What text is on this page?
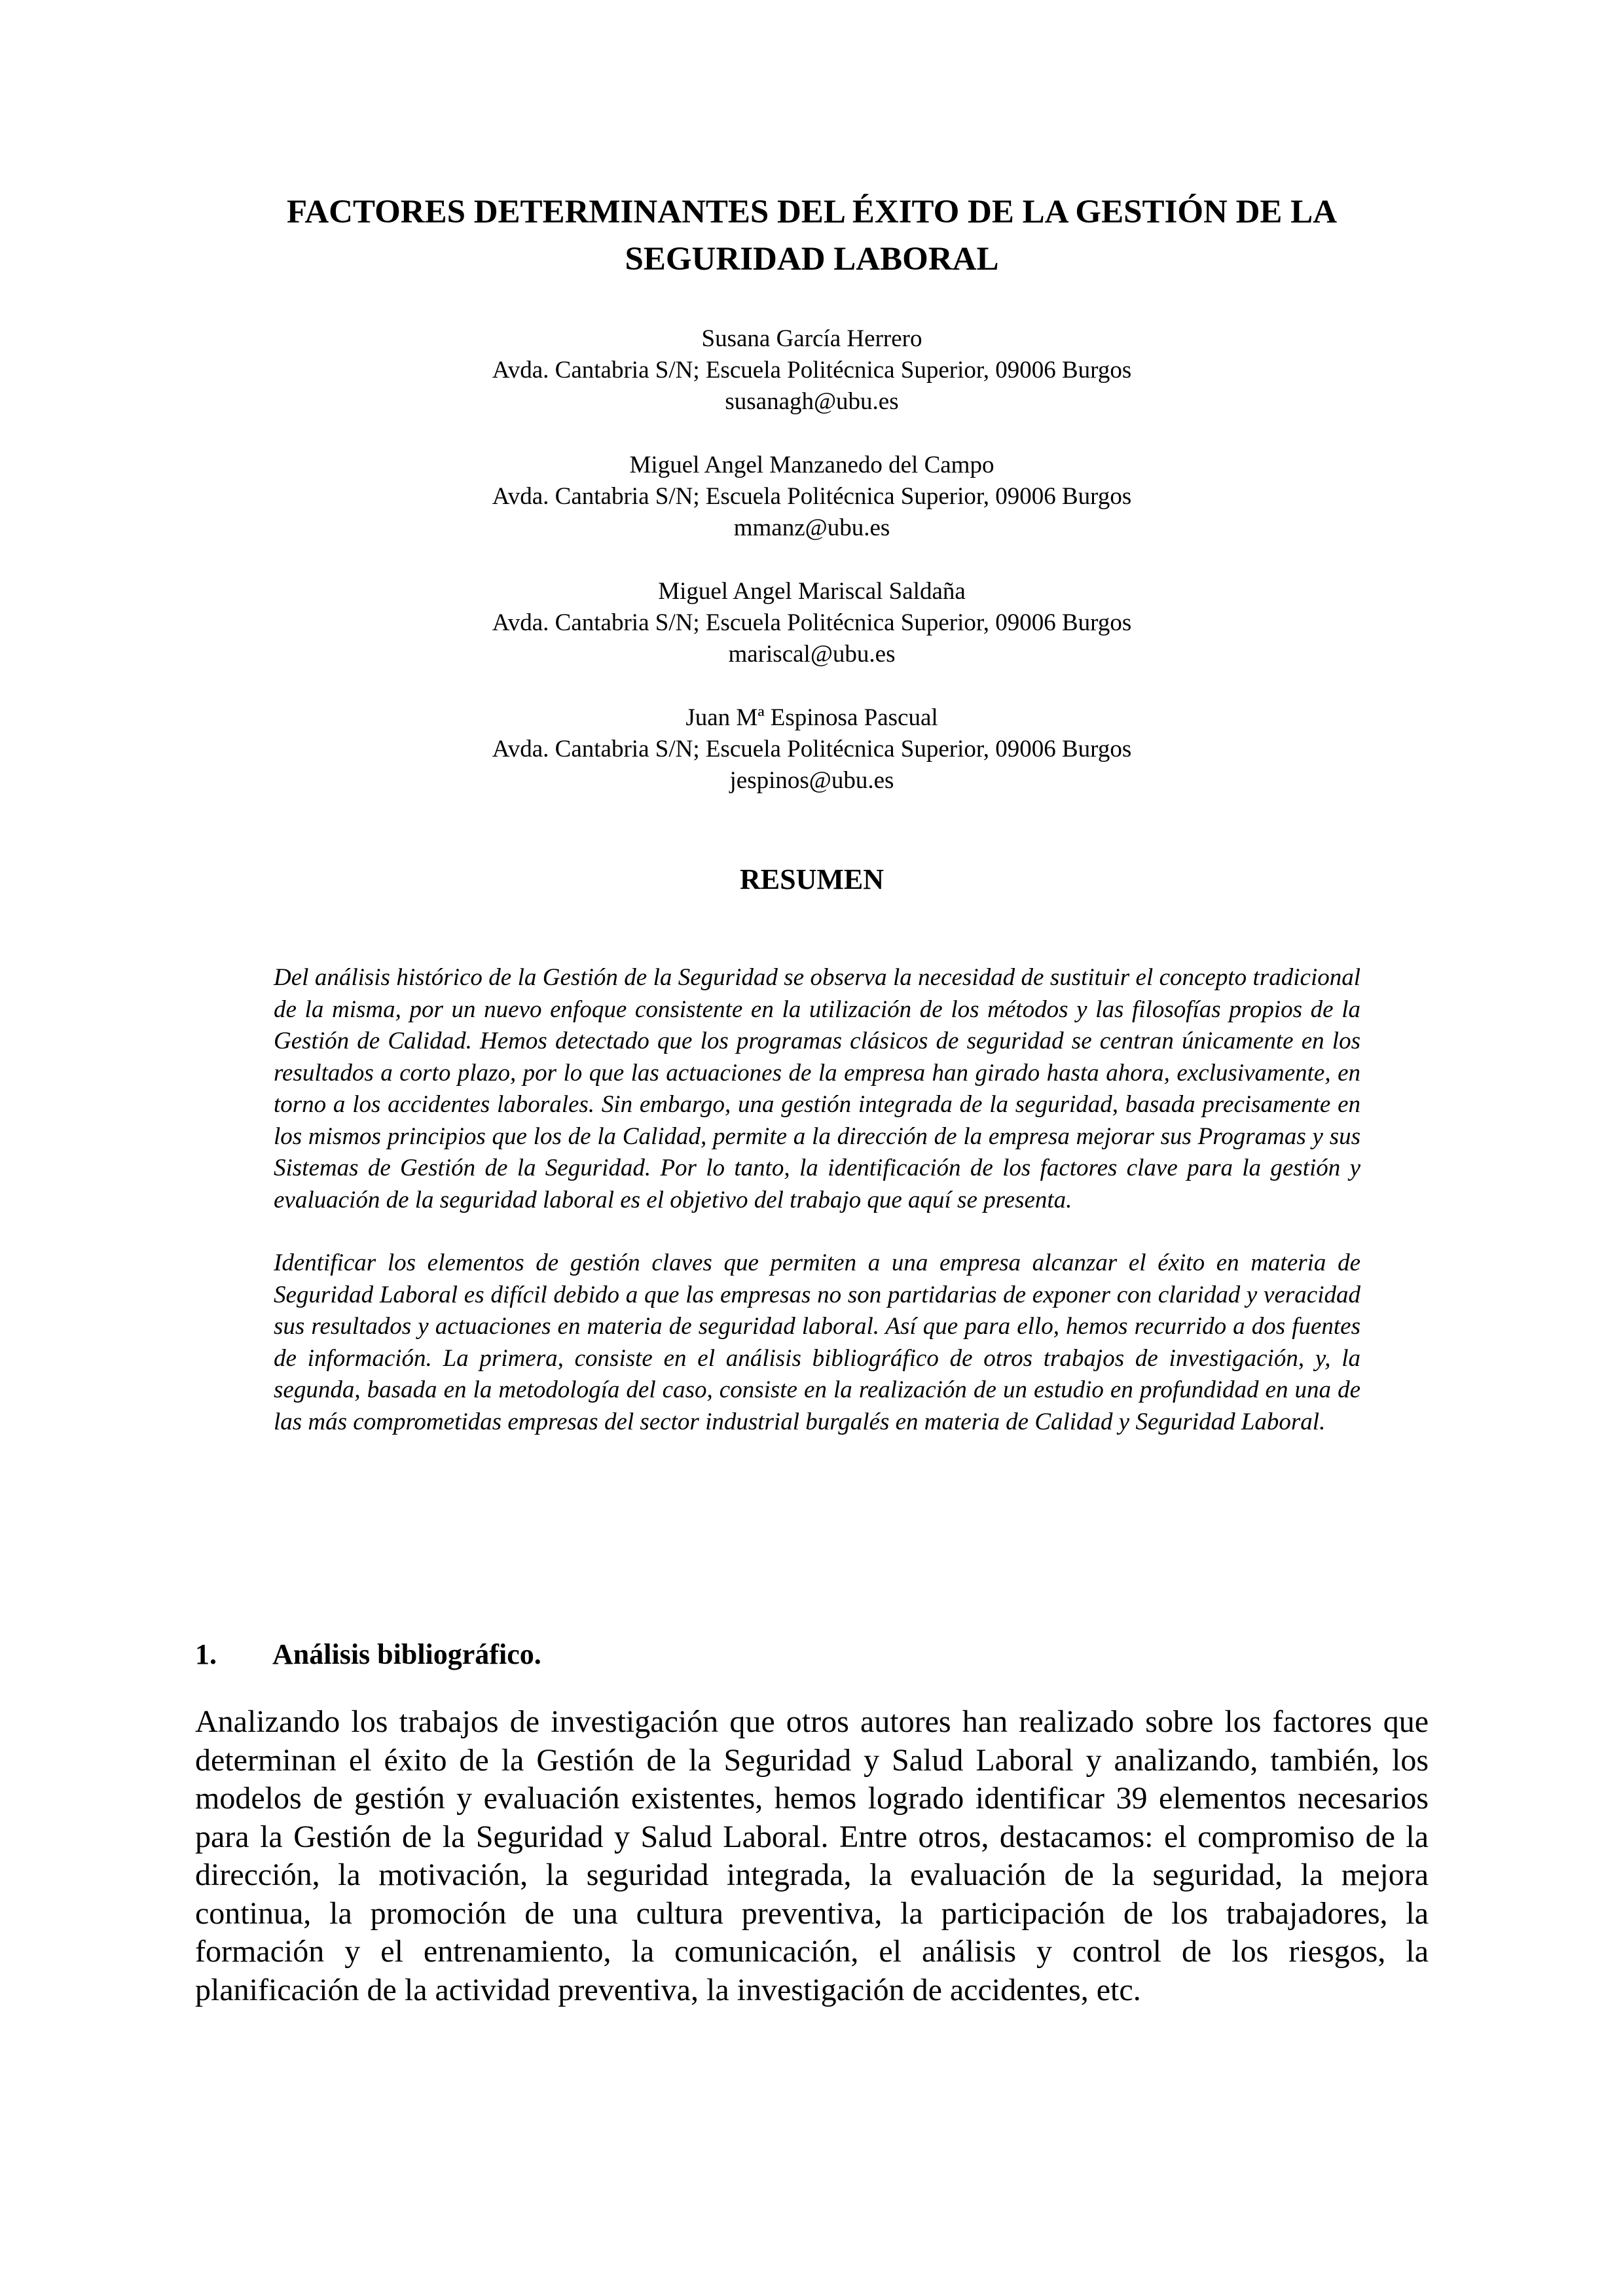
FACTORES DETERMINANTES DEL ÉXITO DE LA GESTIÓN DE LA
SEGURIDAD LABORAL
Susana García Herrero
Avda. Cantabria S/N; Escuela Politécnica Superior, 09006 Burgos
susanagh@ubu.es
Miguel Angel Manzanedo del Campo
Avda. Cantabria S/N; Escuela Politécnica Superior, 09006 Burgos
mmanz@ubu.es
Miguel Angel Mariscal Saldaña
Avda. Cantabria S/N; Escuela Politécnica Superior, 09006 Burgos
mariscal@ubu.es
Juan Mª Espinosa Pascual
Avda. Cantabria S/N; Escuela Politécnica Superior, 09006 Burgos
jespinos@ubu.es
RESUMEN

Del análisis histórico de la Gestión de la Seguridad se observa la necesidad de sustituir el concepto tradicional de la misma, por un nuevo enfoque consistente en la utilización de los métodos y las filosofías propios de la Gestión de Calidad. Hemos detectado que los programas clásicos de seguridad se centran únicamente en los resultados a corto plazo, por lo que las actuaciones de la empresa han girado hasta ahora, exclusivamente, en torno a los accidentes laborales. Sin embargo, una gestión integrada de la seguridad, basada precisamente en los mismos principios que los de la Calidad, permite a la dirección de la empresa mejorar sus Programas y sus Sistemas de Gestión de la Seguridad. Por lo tanto, la identificación de los factores clave para la gestión y evaluación de la seguridad laboral es el objetivo del trabajo que aquí se presenta.

Identificar los elementos de gestión claves que permiten a una empresa alcanzar el éxito en materia de Seguridad Laboral es difícil debido a que las empresas no son partidarias de exponer con claridad y veracidad sus resultados y actuaciones en materia de seguridad laboral. Así que para ello, hemos recurrido a dos fuentes de información. La primera, consiste en el análisis bibliográfico de otros trabajos de investigación, y, la segunda, basada en la metodología del caso, consiste en la realización de un estudio en profundidad en una de las más comprometidas empresas del sector industrial burgalés en materia de Calidad y Seguridad Laboral.

1. Análisis bibliográfico.

Analizando los trabajos de investigación que otros autores han realizado sobre los factores que determinan el éxito de la Gestión de la Seguridad y Salud Laboral y analizando, también, los modelos de gestión y evaluación existentes, hemos logrado identificar 39 elementos necesarios para la Gestión de la Seguridad y Salud Laboral. Entre otros, destacamos: el compromiso de la dirección, la motivación, la seguridad integrada, la evaluación de la seguridad, la mejora continua, la promoción de una cultura preventiva, la participación de los trabajadores, la formación y el entrenamiento, la comunicación, el análisis y control de los riesgos, la planificación de la actividad preventiva, la investigación de accidentes, etc.
